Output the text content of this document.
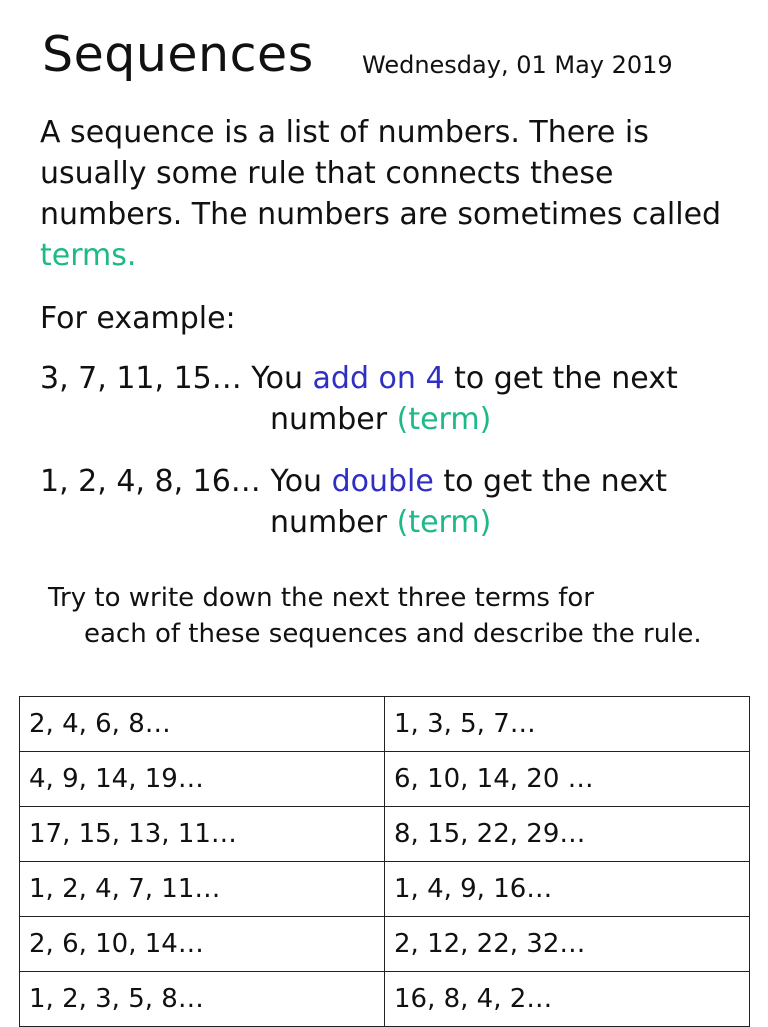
Sequences Wednesday, 01 May 2019

A sequence is a list of numbers. There is usually some rule that connects these numbers. The numbers are sometimes called terms.

For example:
3, 7, 11, 15… You add on 4 to get the next
number (term)
1, 2, 4, 8, 16… You double to get the next
number (term)
Try to write down the next three terms for
each of these sequences and describe the rule.
2, 4, 6, 8…	1, 3, 5, 7…
4, 9, 14, 19…	6, 10, 14, 20 …
17, 15, 13, 11…	8, 15, 22, 29…
1, 2, 4, 7, 11…	1, 4, 9, 16…
2, 6, 10, 14…	2, 12, 22, 32…
1, 2, 3, 5, 8…	16, 8, 4, 2…
